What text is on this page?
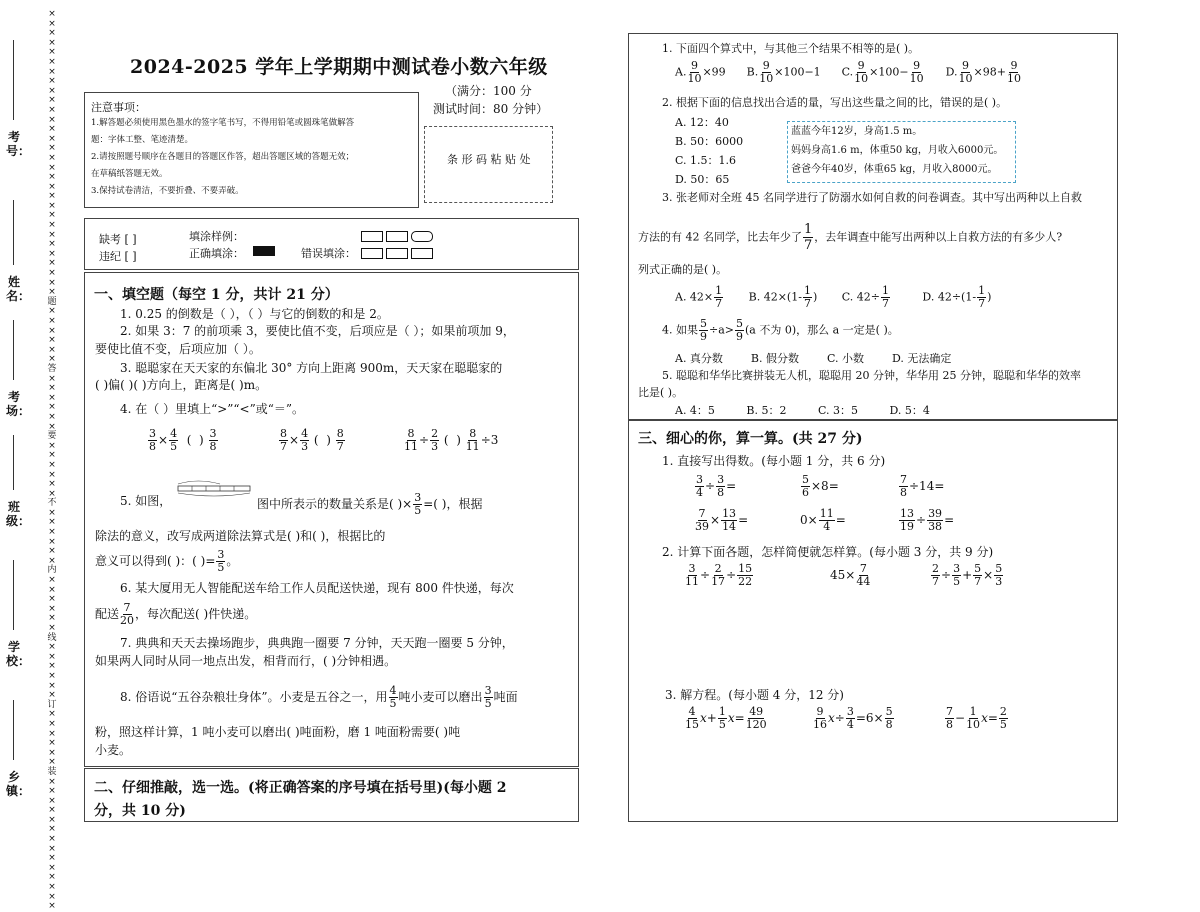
×
×
×
×
×
×
×
×
×
×
×
×
×
×
×
×
×
×
×
×
×
×
×
×
×
×
×
×
×
×
题
×
×
×
×
×
×
答
×
×
×
×
×
×
要
×
×
×
×
×
×
不
×
×
×
×
×
×
内
×
×
×
×
×
×
线
×
×
×
×
×
×
订
×
×
×
×
×
×
装
×
×
×
×
×
×
×
×
×
×
×
×
×
×
考号：
姓名：
考场：
班级：
学校：
乡镇：
2024-2025 学年上学期期中测试卷小数六年级
（满分：100 分
测试时间：80 分钟）
注意事项：
1.解答题必须使用黑色墨水的签字笔书写，不得用铅笔或圆珠笔做解答
题：字体工整、笔迹清楚。
2.请按照题号顺序在各题目的答题区作答，超出答题区域的答题无效；
在草稿纸答题无效。
3.保持试卷清洁，不要折叠、不要弄破。
条 形 码 粘 贴 处
缺考 [ ]
违纪 [ ]
填涂样例：
正确填涂：	错误填涂：
一、填空题（每空 1 分，共计 21 分）
1. 0.25 的倒数是（ ），（ ）与它的倒数的和是 2。
2. 如果 3：7 的前项乘 3，要使比值不变，后项应是（ ）；如果前项加 9，
要使比值不变，后项应加（ ）。
3. 聪聪家在天天家的东偏北 30° 方向上距离 900m，天天家在聪聪家的
( )偏( )( )方向上，距离是( )m。
4. 在（ ）里填上“>”“<”或“＝”。
$\frac{3}{8} \times \frac{4}{5}$ (  ) $\frac{3}{8}$	$\frac{8}{7} \times \frac{4}{3}$ (  ) $\frac{8}{7}$	$\frac{8}{11} \div \frac{2}{3}$ (  ) $\frac{8}{11} \div 3$
5. 如图，	图中所表示的数量关系是( )× $\frac{3}{5}$ =( )，根据
除法的意义，改写成两道除法算式是( )和( )，根据比的
意义可以得到( )：( )= $\frac{3}{5}$ 。
6. 某大厦用无人智能配送车给工作人员配送快递，现有 800 件快递，每次
配送 $\frac{7}{20}$ ，每次配送( )件快递。
7. 典典和天天去操场跑步，典典跑一圈要 7 分钟，天天跑一圈要 5 分钟，
如果两人同时从同一地点出发，相背而行，( )分钟相遇。
8. 俗语说“五谷杂粮壮身体”。小麦是五谷之一，用 $\frac{4}{5}$ 吨小麦可以磨出 $\frac{3}{5}$ 吨面
粉，照这样计算，1 吨小麦可以磨出( )吨面粉，磨 1 吨面粉需要( )吨
小麦。
二、仔细推敲，选一选。(将正确答案的序号填在括号里)(每小题 2
分，共 10 分)
1. 下面四个算式中，与其他三个结果不相等的是( )。
A. $\frac{9}{10} \times 99$      B. $\frac{9}{10} \times 100-1$      C. $\frac{9}{10} \times 100- \frac{9}{10} D$. $\frac{9}{10} \times 98+ \frac{9}{10}$
2. 根据下面的信息找出合适的量，写出这些量之间的比，错误的是( )。
A. 12：40
B. 50：6000
C. 1.5：1.6
D. 50：65
蓝蓝今年12岁，身高1.5 m。
妈妈身高1.6 m，体重50 kg，月收入6000元。
爸爸今年40岁，体重65 kg，月收入8000元。
3. 张老师对全班 45 名同学进行了防溺水如何自救的问卷调查。其中写出两种以上自救
方法的有 42 名同学，比去年少了 $\frac{1}{7}$ ，去年调查中能写出两种以上自救方法的有多少人?
列式正确的是( )。
A. $42\times \frac{1}{7} B$. $42\times(1- \frac{1}{7}$ )       C. $42\div \frac{1}{7} D$. $42\div(1- \frac{1}{7}$ )
4. 如果 $\frac{5}{9} \div a> \frac{5}{9} (a$ 不为 0)，那么 a 一定是( )。
A. 真分数	B. 假分数	C. 小数	D. 无法确定
5. 聪聪和华华比赛拼装无人机，聪聪用 20 分钟，华华用 25 分钟，聪聪和华华的效率
比是( )。
A. 4：5	B. 5：2	C. 3：5	D. 5：4
三、细心的你，算一算。(共 27 分)
1. 直接写出得数。(每小题 1 分，共 6 分)
$\frac{3}{4} \div \frac{3}{8}$ =	$\frac{5}{6} \times 8=$	$\frac{7}{8} \div 14=$
$\frac{7}{39} \times \frac{13}{14}$ =	$0\times \frac{11}{4}$ =	$\frac{13}{19} \div \frac{39}{38}$ =
2. 计算下面各题，怎样简便就怎样算。(每小题 3 分，共 9 分)
$\frac{3}{11} \div \frac{2}{17} \div \frac{15}{22}$	$45\times \frac{7}{44}$	$\frac{2}{7} \div \frac{3}{5} + \frac{5}{7} \times \frac{5}{3}$
3. 解方程。(每小题 4 分，12 分)
$\frac{4}{15} x+ \frac{1}{5} x= \frac{49}{120}$	$\frac{9}{16} x\div \frac{3}{4} =6\times \frac{5}{8}$	$\frac{7}{8} - \frac{1}{10} x= \frac{2}{5}$
